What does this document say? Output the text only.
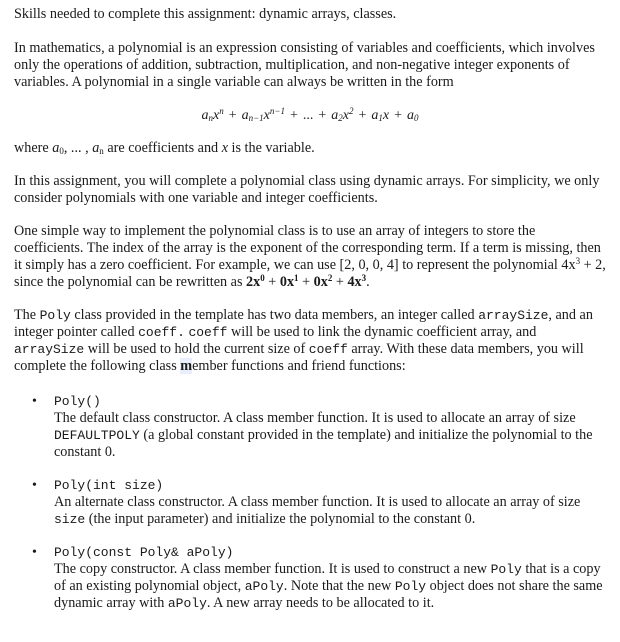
Skills needed to complete this assignment: dynamic arrays, classes.

In mathematics, a polynomial is an expression consisting of variables and coefficients, which involves only the operations of addition, subtraction, multiplication, and non-negative integer exponents of variables. A polynomial in a single variable can always be written in the form

$a_nx^n + a_{n-1}x^{n-1}$ + ... + $a_2x^2 + a_1x + a_0$

where $a_0$, ... , $a_n$ are coefficients and x is the variable.

In this assignment, you will complete a polynomial class using dynamic arrays. For simplicity, we only consider polynomials with one variable and integer coefficients.

One simple way to implement the polynomial class is to use an array of integers to store the coefficients. The index of the array is the exponent of the corresponding term. If a term is missing, then it simply has a zero coefficient. For example, we can use [2, 0, 0, 4] to represent the polynomial $4x^3 + 2$, since the polynomial can be rewritten as $2x^0 + 0x^1 + 0x^2 + 4x^3$.

The Poly class provided in the template has two data members, an integer called arraySize, and an integer pointer called coeff. coeff will be used to link the dynamic coefficient array, and arraySize will be used to hold the current size of coeff array. With these data members, you will complete the following class member functions and friend functions:

• Poly()
The default class constructor. A class member function. It is used to allocate an array of size DEFAULTPOLY (a global constant provided in the template) and initialize the polynomial to the constant 0.
• Poly(int size)
An alternate class constructor. A class member function. It is used to allocate an array of size size (the input parameter) and initialize the polynomial to the constant 0.
• Poly(const Poly& aPoly)
The copy constructor. A class member function. It is used to construct a new Poly that is a copy of an existing polynomial object, aPoly. Note that the new Poly object does not share the same dynamic array with aPoly. A new array needs to be allocated to it.
